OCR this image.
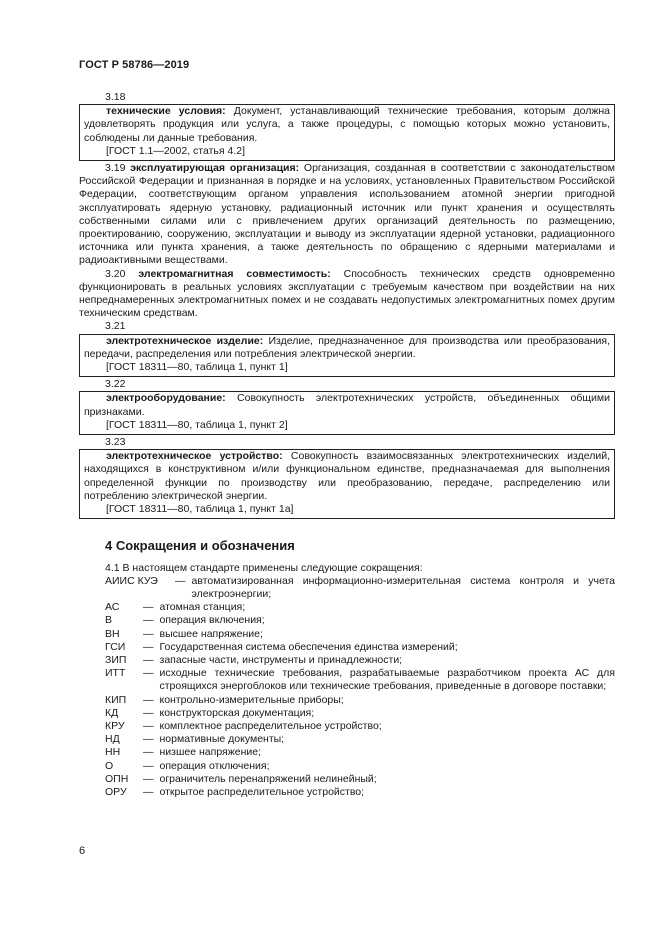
ГОСТ Р 58786—2019

3.18

технические условия: Документ, устанавливающий технические требования, которым должна удовлетворять продукция или услуга, а также процедуры, с помощью которых можно установить, соблюдены ли данные требования.

[ГОСТ 1.1—2002, статья 4.2]

3.19 эксплуатирующая организация: Организация, созданная в соответствии с законодательством Российской Федерации и признанная в порядке и на условиях, установленных Правительством Российской Федерации, соответствующим органом управления использованием атомной энергии пригодной эксплуатировать ядерную установку, радиационный источник или пункт хранения и осуществлять собственными силами или с привлечением других организаций деятельность по размещению, проектированию, сооружению, эксплуатации и выводу из эксплуатации ядерной установки, радиационного источника или пункта хранения, а также деятельность по обращению с ядерными материалами и радиоактивными веществами.

3.20 электромагнитная совместимость: Способность технических средств одновременно функционировать в реальных условиях эксплуатации с требуемым качеством при воздействии на них непреднамеренных электромагнитных помех и не создавать недопустимых электромагнитных помех другим техническим средствам.

3.21

электротехническое изделие: Изделие, предназначенное для производства или преобразования, передачи, распределения или потребления электрической энергии.

[ГОСТ 18311—80, таблица 1, пункт 1]

3.22

электрооборудование: Совокупность электротехнических устройств, объединенных общими признаками.

[ГОСТ 18311—80, таблица 1, пункт 2]

3.23

электротехническое устройство: Совокупность взаимосвязанных электротехнических изделий, находящихся в конструктивном и/или функциональном единстве, предназначаемая для выполнения определенной функции по производству или преобразованию, передаче, распределению или потреблению электрической энергии.

[ГОСТ 18311—80, таблица 1, пункт 1а]

4 Сокращения и обозначения

4.1 В настоящем стандарте применены следующие сокращения:

АИИС КУЭ	— автоматизированная информационно-измерительная система контроля и учета электроэнергии;
АС	— атомная станция;
В	— операция включения;
ВН	— высшее напряжение;
ГСИ	— Государственная система обеспечения единства измерений;
ЗИП	— запасные части, инструменты и принадлежности;
ИТТ	— исходные технические требования, разрабатываемые разработчиком проекта АС для строящихся энергоблоков или технические требования, приведенные в договоре поставки;
КИП	— контрольно-измерительные приборы;
КД	— конструкторская документация;
КРУ	— комплектное распределительное устройство;
НД	— нормативные документы;
НН	— низшее напряжение;
О	— операция отключения;
ОПН	— ограничитель перенапряжений нелинейный;
ОРУ	— открытое распределительное устройство;
6
